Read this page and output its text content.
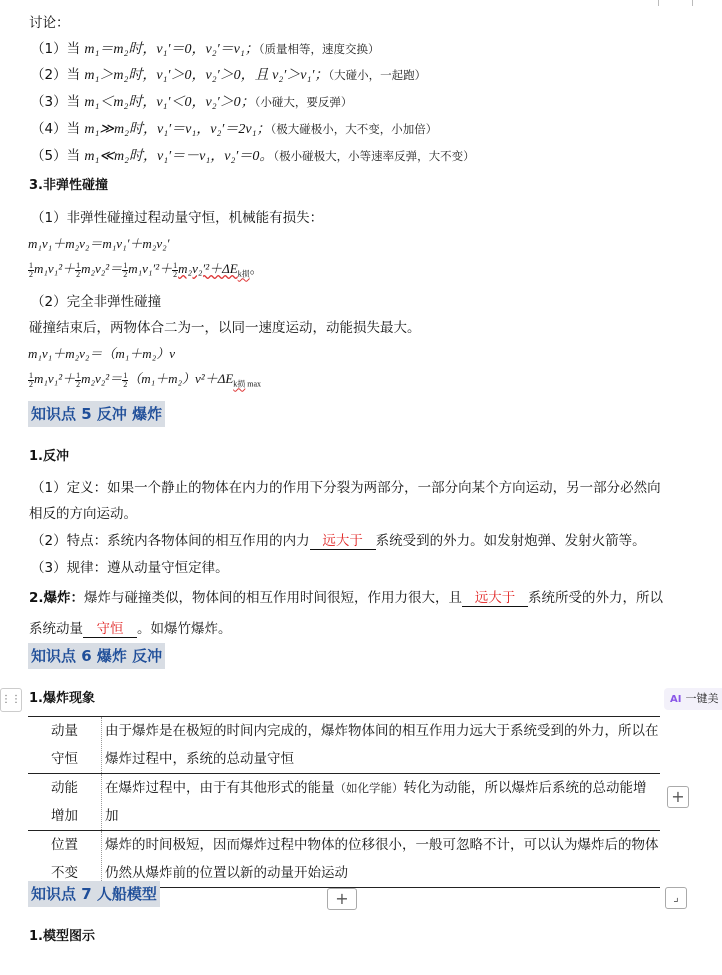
讨论：
（1）当 m₁＝m₂时，v₁′＝0，v₂′＝v₁；（质量相等，速度交换）
（2）当 m₁＞m₂时，v₁′＞0，v₂′＞0，且 v₂′＞v₁′；（大碰小，一起跑）
（3）当 m₁＜m₂时，v₁′＜0，v₂′＞0；（小碰大，要反弹）
（4）当 m₁≫m₂时，v₁′＝v₁，v₂′＝2v₁；（极大碰极小，大不变，小加倍）
（5）当 m₁≪m₂时，v₁′＝－v₁，v₂′＝0。（极小碰极大，小等速率反弹，大不变）
3.非弹性碰撞
（1）非弹性碰撞过程动量守恒，机械能有损失：
m₁v₁＋m₂v₂＝m₁v₁′＋m₂v₂′
$\frac{1}{2} m_1v_1^2+ \frac{1}{2} m_2v_2^2= \frac{1}{2} m_1v_1'^2+ \frac{1}{2} m_2v_2'^2+\Delta E_{k损}$。
（2）完全非弹性碰撞
碰撞结束后，两物体合二为一，以同一速度运动，动能损失最大。
m₁v₁＋m₂v₂＝（m₁＋m₂）v
$\frac{1}{2} m_1v_1^2+ \frac{1}{2} m_2v_2^2= \frac{1}{2} (m_1+m_2)v^2+\Delta E_{k损}$ $_{max}$
知识点 5 反冲 爆炸
1.反冲
（1）定义：如果一个静止的物体在内力的作用下分裂为两部分，一部分向某个方向运动，另一部分必然向
相反的方向运动。
（2）特点：系统内各物体间的相互作用的内力 远大于 系统受到的外力。如发射炮弹、发射火箭等。
（3）规律：遵从动量守恒定律。
2.爆炸：爆炸与碰撞类似，物体间的相互作用时间很短，作用力很大，且 远大于 系统所受的外力，所以
系统动量 守恒 。如爆竹爆炸。
知识点 6 爆炸 反冲
⋮⋮ 1.爆炸现象	AI 一键美
动量
守恒	由于爆炸是在极短的时间内完成的，爆炸物体间的相互作用力远大于系统受到的外力，所以在
爆炸过程中，系统的总动量守恒
动能
增加	在爆炸过程中，由于有其他形式的能量（如化学能）转化为动能，所以爆炸后系统的总动能增
加
位置
不变	爆炸的时间极短，因而爆炸过程中物体的位移很小，一般可忽略不计，可以认为爆炸后的物体
仍然从爆炸前的位置以新的动量开始运动
+
+	⌟
知识点 7 人船模型
1.模型图示
